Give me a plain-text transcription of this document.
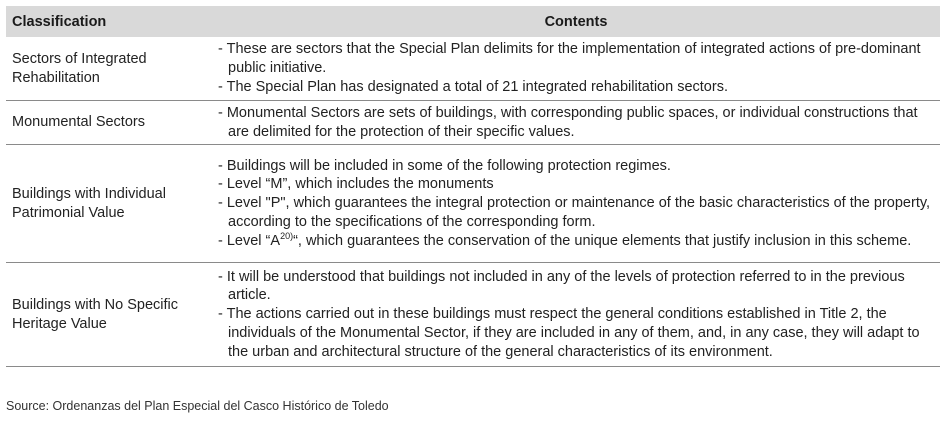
Classification	Contents
Sectors of Integrated Rehabilitation	- These are sectors that the Special Plan delimits for the implementation of integrated actions of pre-dominant public initiative.
- The Special Plan has designated a total of 21 integrated rehabilitation sectors.

Monumental Sectors	- Monumental Sectors are sets of buildings, with corresponding public spaces, or individual constructions that are delimited for the protection of their specific values.

Buildings with Individual Patrimonial Value	- Buildings will be included in some of the following protection regimes.
- Level “M”, which includes the monuments
- Level "P", which guarantees the integral protection or maintenance of the basic characteristics of the property, according to the specifications of the corresponding form.
- Level “$A^{20)}“$, which guarantees the conservation of the unique elements that justify inclusion in this scheme.

Buildings with No Specific Heritage Value	- It will be understood that buildings not included in any of the levels of protection referred to in the previous article.
- The actions carried out in these buildings must respect the general conditions established in Title 2, the individuals of the Monumental Sector, if they are included in any of them, and, in any case, they will adapt to the urban and architectural structure of the general characteristics of its environment.
Source: Ordenanzas del Plan Especial del Casco Histórico de Toledo
